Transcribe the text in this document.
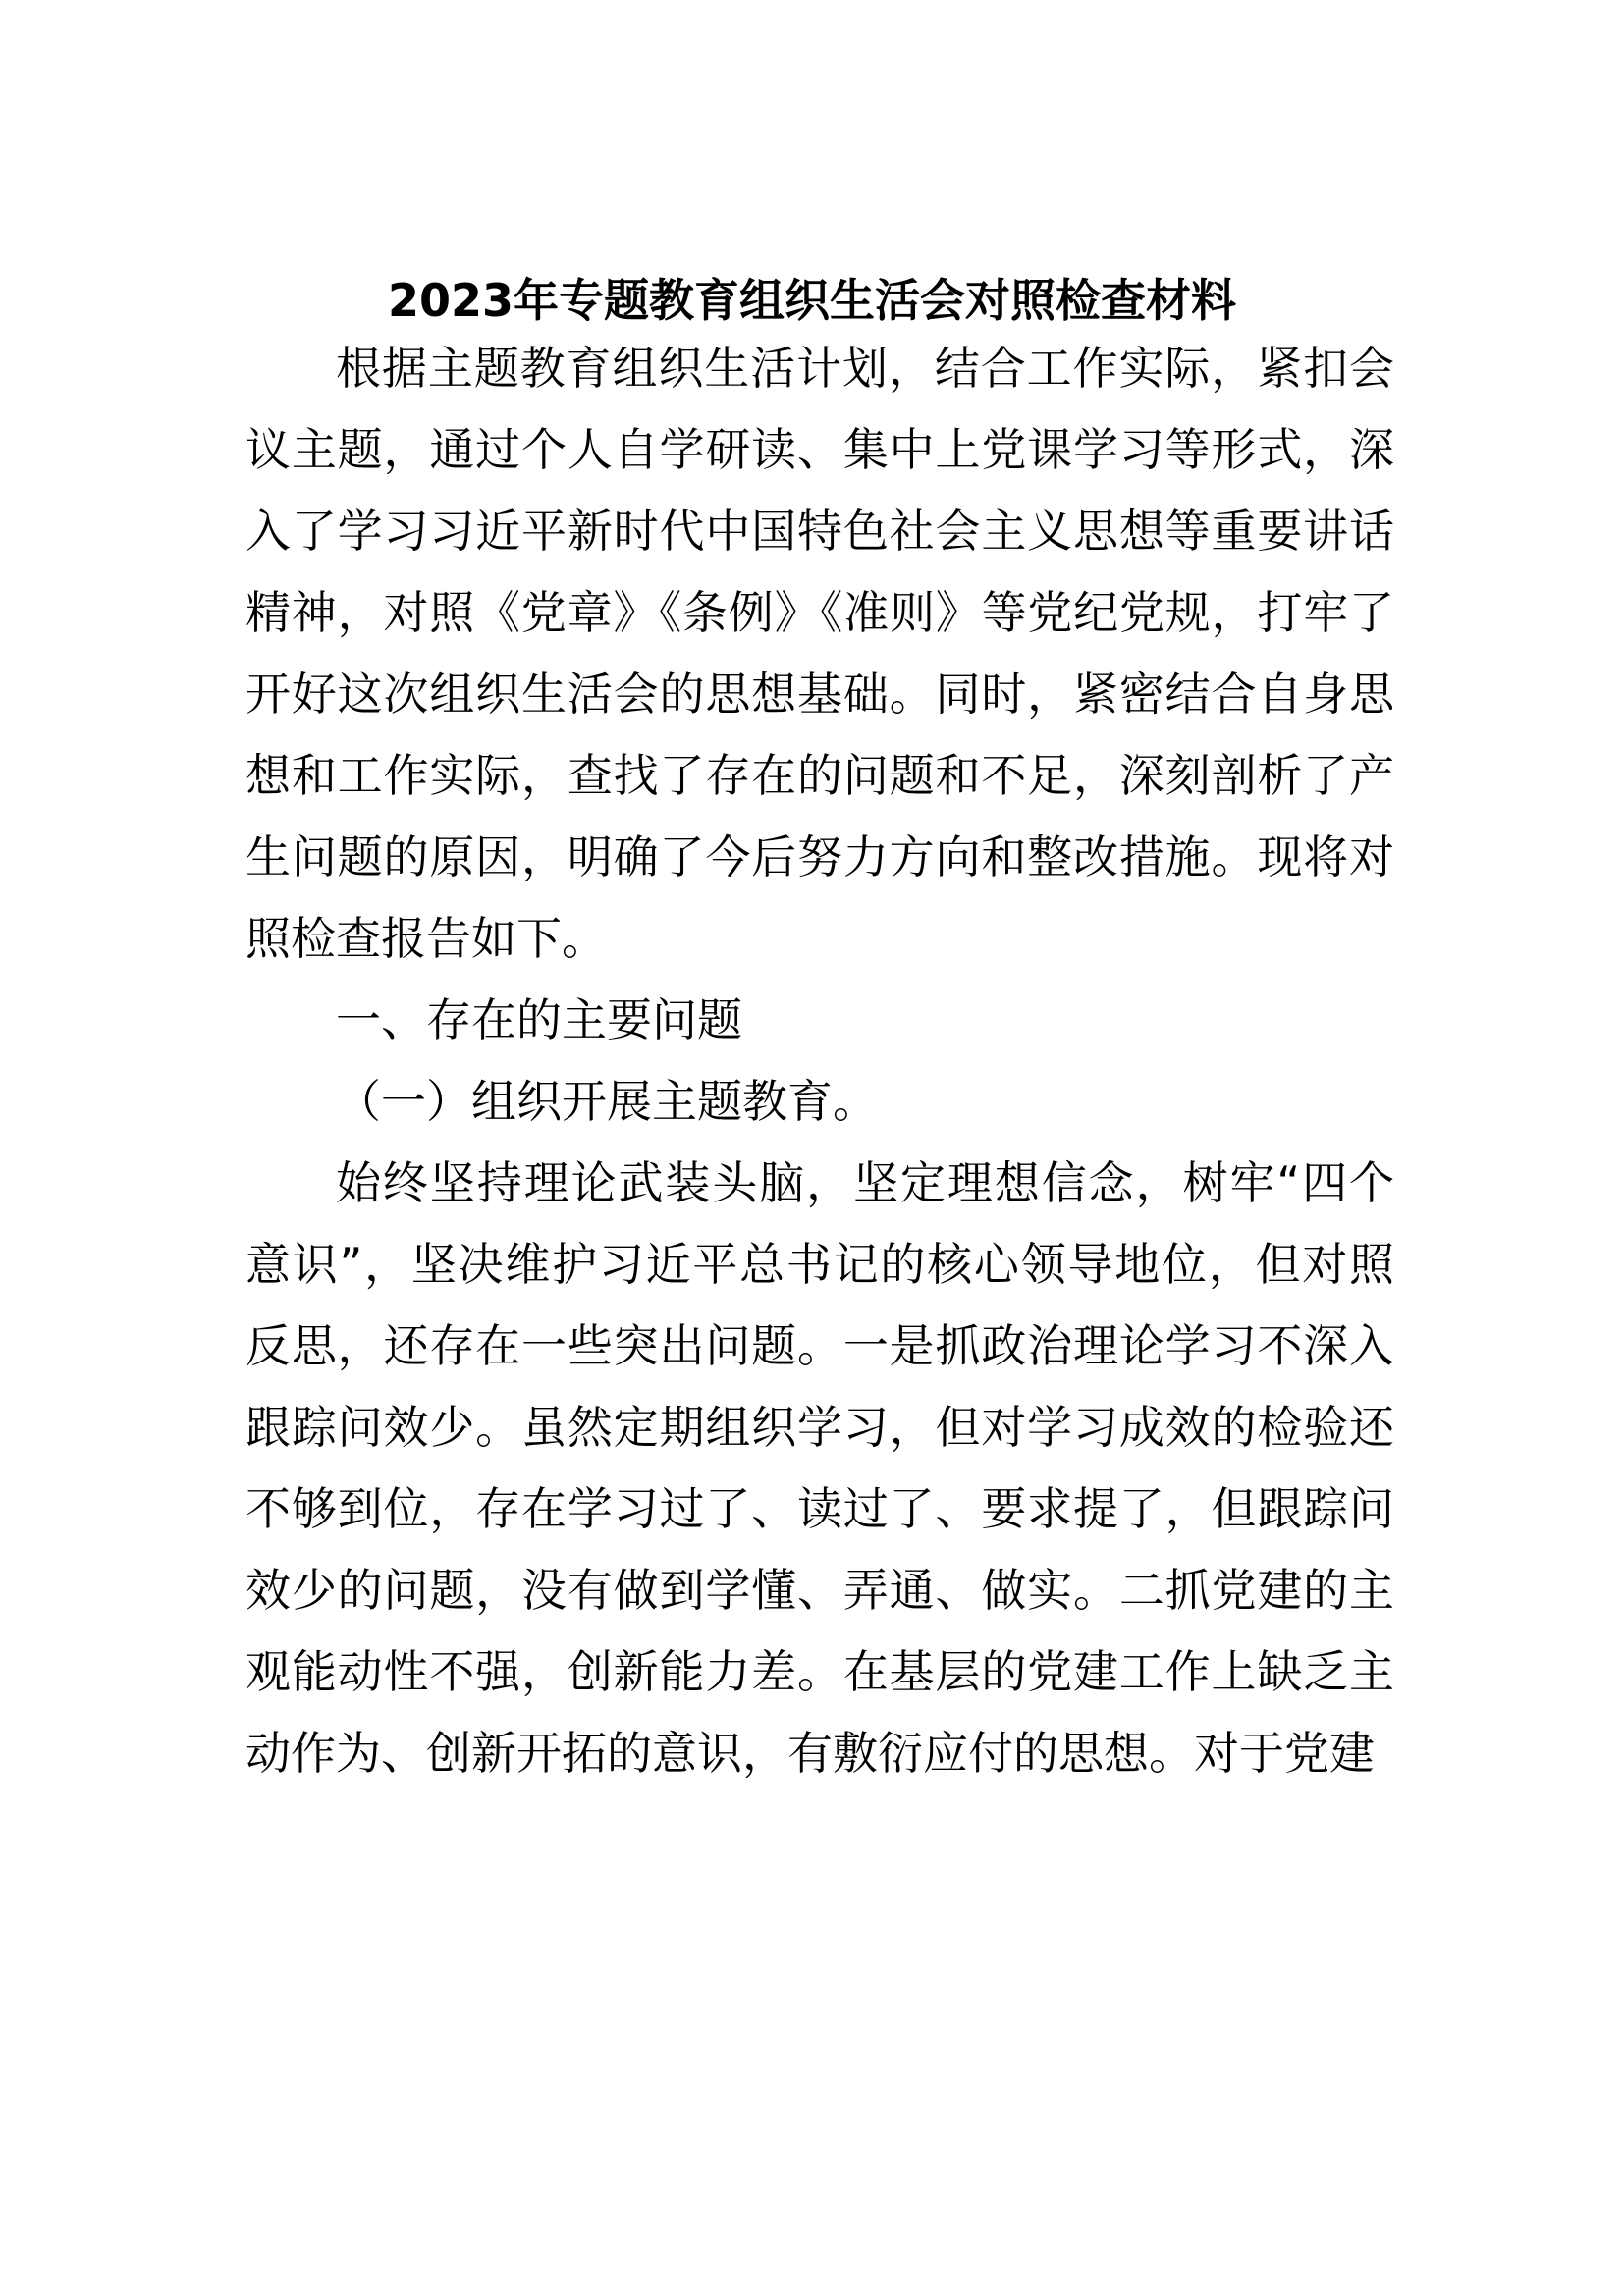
2023年专题教育组织生活会对照检查材料

根据主题教育组织生活计划，结合工作实际，紧扣会议主题，通过个人自学研读、集中上党课学习等形式，深入了学习习近平新时代中国特色社会主义思想等重要讲话精神，对照《党章》《条例》《准则》等党纪党规，打牢了开好这次组织生活会的思想基础。同时，紧密结合自身思想和工作实际，查找了存在的问题和不足，深刻剖析了产生问题的原因，明确了今后努力方向和整改措施。现将对照检查报告如下。

一、存在的主要问题

（一）组织开展主题教育。

始终坚持理论武装头脑，坚定理想信念，树牢“四个意识”，坚决维护习近平总书记的核心领导地位，但对照反思，还存在一些突出问题。一是抓政治理论学习不深入跟踪问效少。虽然定期组织学习，但对学习成效的检验还不够到位，存在学习过了、读过了、要求提了，但跟踪问效少的问题，没有做到学懂、弄通、做实。二抓党建的主观能动性不强，创新能力差。在基层的党建工作上缺乏主动作为、创新开拓的意识，有敷衍应付的思想。对于党建
